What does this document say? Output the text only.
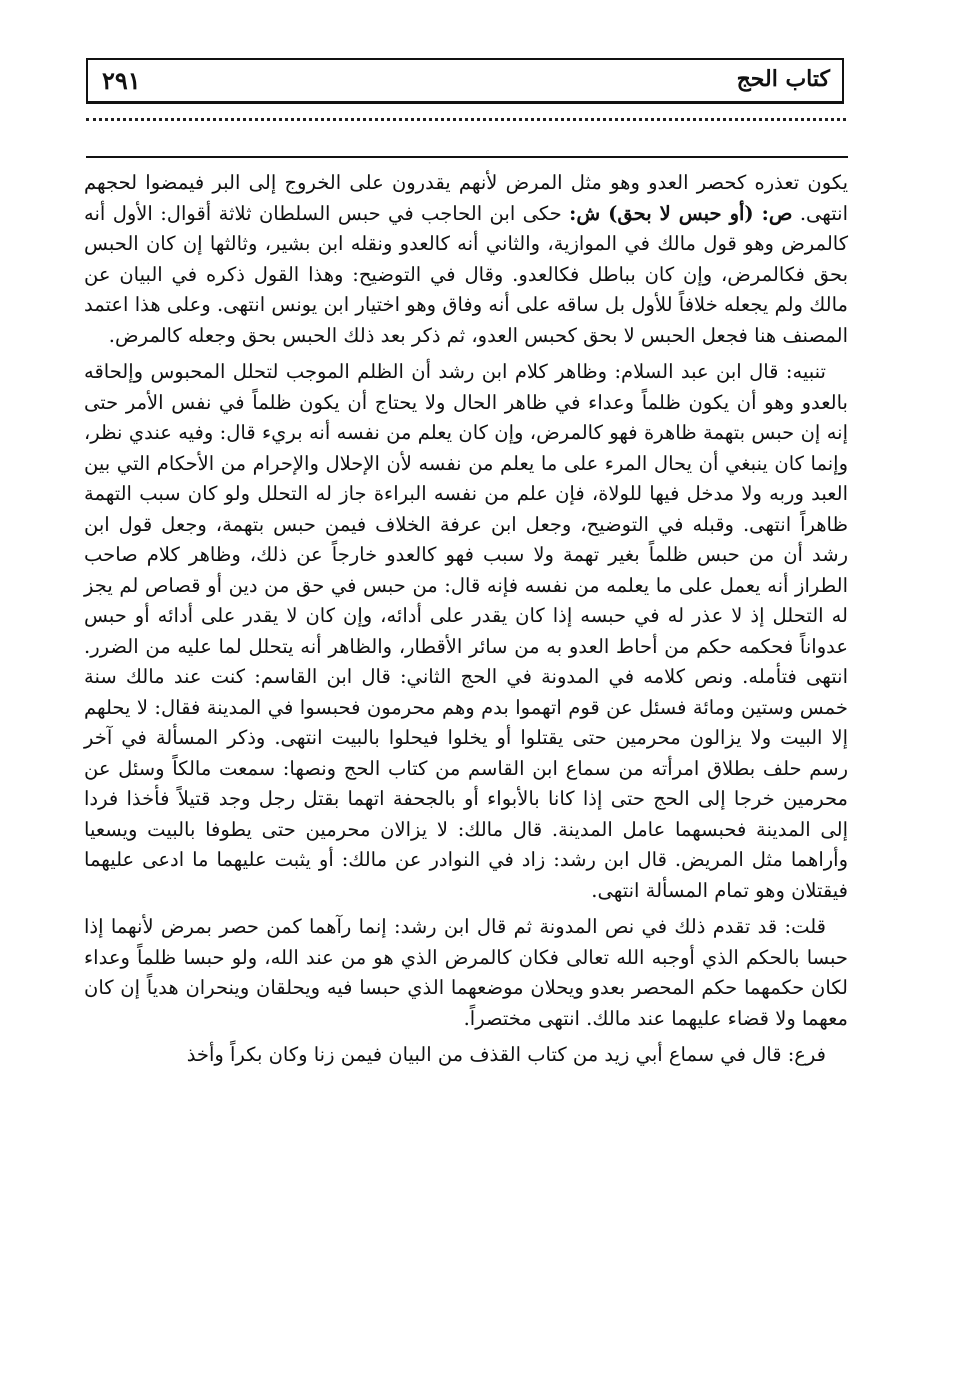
كتاب الحج
٢٩١

يكون تعذره كحصر العدو وهو مثل المرض لأنهم يقدرون على الخروج إلى البر فيمضوا لحجهم انتهى. ص: (أو حبس لا بحق) ش: حكى ابن الحاجب في حبس السلطان ثلاثة أقوال: الأول أنه كالمرض وهو قول مالك في الموازية، والثاني أنه كالعدو ونقله ابن بشير، وثالثها إن كان الحبس بحق فكالمرض، وإن كان بباطل فكالعدو. وقال في التوضيح: وهذا القول ذكره في البيان عن مالك ولم يجعله خلافاً للأول بل ساقه على أنه وفاق وهو اختيار ابن يونس انتهى. وعلى هذا اعتمد المصنف هنا فجعل الحبس لا بحق كحبس العدو، ثم ذكر بعد ذلك الحبس بحق وجعله كالمرض.

تنبيه: قال ابن عبد السلام: وظاهر كلام ابن رشد أن الظلم الموجب لتحلل المحبوس وإلحاقه بالعدو وهو أن يكون ظلماً وعداء في ظاهر الحال ولا يحتاج أن يكون ظلماً في نفس الأمر حتى إنه إن حبس بتهمة ظاهرة فهو كالمرض، وإن كان يعلم من نفسه أنه بريء قال: وفيه عندي نظر، وإنما كان ينبغي أن يحال المرء على ما يعلم من نفسه لأن الإحلال والإحرام من الأحكام التي بين العبد وربه ولا مدخل فيها للولاة، فإن علم من نفسه البراءة جاز له التحلل ولو كان سبب التهمة ظاهراً انتهى. وقبله في التوضيح، وجعل ابن عرفة الخلاف فيمن حبس بتهمة، وجعل قول ابن رشد أن من حبس ظلماً بغير تهمة ولا سبب فهو كالعدو خارجاً عن ذلك، وظاهر كلام صاحب الطراز أنه يعمل على ما يعلمه من نفسه فإنه قال: من حبس في حق من دين أو قصاص لم يجز له التحلل إذ لا عذر له في حبسه إذا كان يقدر على أدائه، وإن كان لا يقدر على أدائه أو حبس عدواناً فحكمه حكم من أحاط العدو به من سائر الأقطار، والظاهر أنه يتحلل لما عليه من الضرر. انتهى فتأمله. ونص كلامه في المدونة في الحج الثاني: قال ابن القاسم: كنت عند مالك سنة خمس وستين ومائة فسئل عن قوم اتهموا بدم وهم محرمون فحبسوا في المدينة فقال: لا يحلهم إلا البيت ولا يزالون محرمين حتى يقتلوا أو يخلوا فيحلوا بالبيت انتهى. وذكر المسألة في آخر رسم حلف بطلاق امرأته من سماع ابن القاسم من كتاب الحج ونصها: سمعت مالكاً وسئل عن محرمين خرجا إلى الحج حتى إذا كانا بالأبواء أو بالجحفة اتهما بقتل رجل وجد قتيلاً فأخذا فردا إلى المدينة فحبسهما عامل المدينة. قال مالك: لا يزالان محرمين حتى يطوفا بالبيت ويسعيا وأراهما مثل المريض. قال ابن رشد: زاد في النوادر عن مالك: أو يثبت عليهما ما ادعى عليهما فيقتلان وهو تمام المسألة انتهى.

قلت: قد تقدم ذلك في نص المدونة ثم قال ابن رشد: إنما رآهما كمن حصر بمرض لأنهما إذا حبسا بالحكم الذي أوجبه الله تعالى فكان كالمرض الذي هو من عند الله، ولو حبسا ظلماً وعداء لكان حكمهما حكم المحصر بعدو ويحلان موضعهما الذي حبسا فيه ويحلقان وينحران هدياً إن كان معهما ولا قضاء عليهما عند مالك. انتهى مختصراً.

فرع: قال في سماع أبي زيد من كتاب القذف من البيان فيمن زنا وكان بكراً وأخذ
